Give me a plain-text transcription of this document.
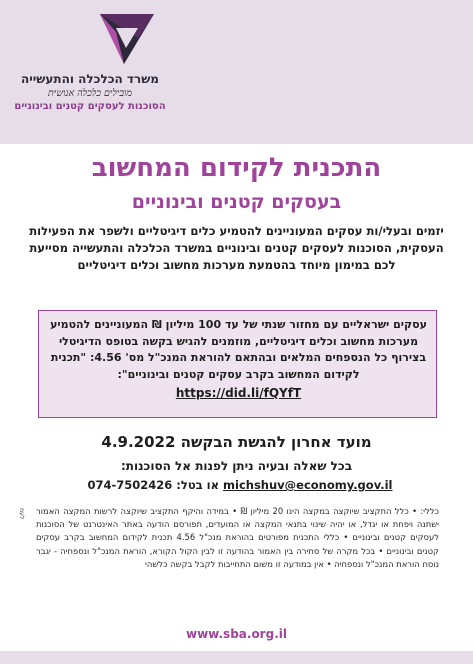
משרד הכלכלה והתעשייה
מובילים כלכלה אנושית
הסוכנות לעסקים קטנים ובינוניים
התכנית לקידום המחשוב
בעסקים קטנים ובינוניים
יזמים ובעלי/ות עסקים המעוניינים להטמיע כלים דיגיטליים ולשפר את הפעילות העסקית, הסוכנות לעסקים קטנים ובינוניים במשרד הכלכלה והתעשייה מסייעת לכם במימון מיוחד בהטמעת מערכות מחשוב וכלים דיגיטליים
עסקים ישראליים עם מחזור שנתי של עד 100 מיליון ₪ המעוניינים להטמיע מערכות מחשוב וכלים דיגיטליים, מוזמנים להגיש בקשה בטופס הדיגיטלי בצירוף כל הנספחים המלאים ובהתאם להוראת המנכ"ל מס' 4.56: "תכנית לקידום המחשוב בקרב עסקים קטנים ובינוניים":
https://did.li/fQYfT
מועד אחרון להגשת הבקשה 4.9.2022
בכל שאלה ובעיה ניתן לפנות אל הסוכנות:
michshuv@economy.gov.il או בטל: 074-7502426
כללי: • כלל התקציב שיוקצה במקצה הינו 20 מיליון ₪ • במידה והיקף התקציב שיוקצה לרשות המקצה האמור ישתנה ויפחת או יגדל, או יהיה שינוי בתנאי המקצה או המועדים, תפורסם הודעה באתר האינטרנט של הסוכנות לעסקים קטנים ובינוניים • כללי התכנית מפורטים בהוראת מנכ"ל 4.56 תכנית לקידום המחשוב בקרב עסקים קטנים ובינוניים • בכל מקרה של סתירה בין האמור בהודעה זו לבין הקול הקורא, הוראת המנכ"ל ונספחיה - יגבר נוסח הוראת המנכ"ל ונספחיה • אין במודעה זו משום התחייבות לקבל בקשה כלשהי
לעמ
www.sba.org.il
